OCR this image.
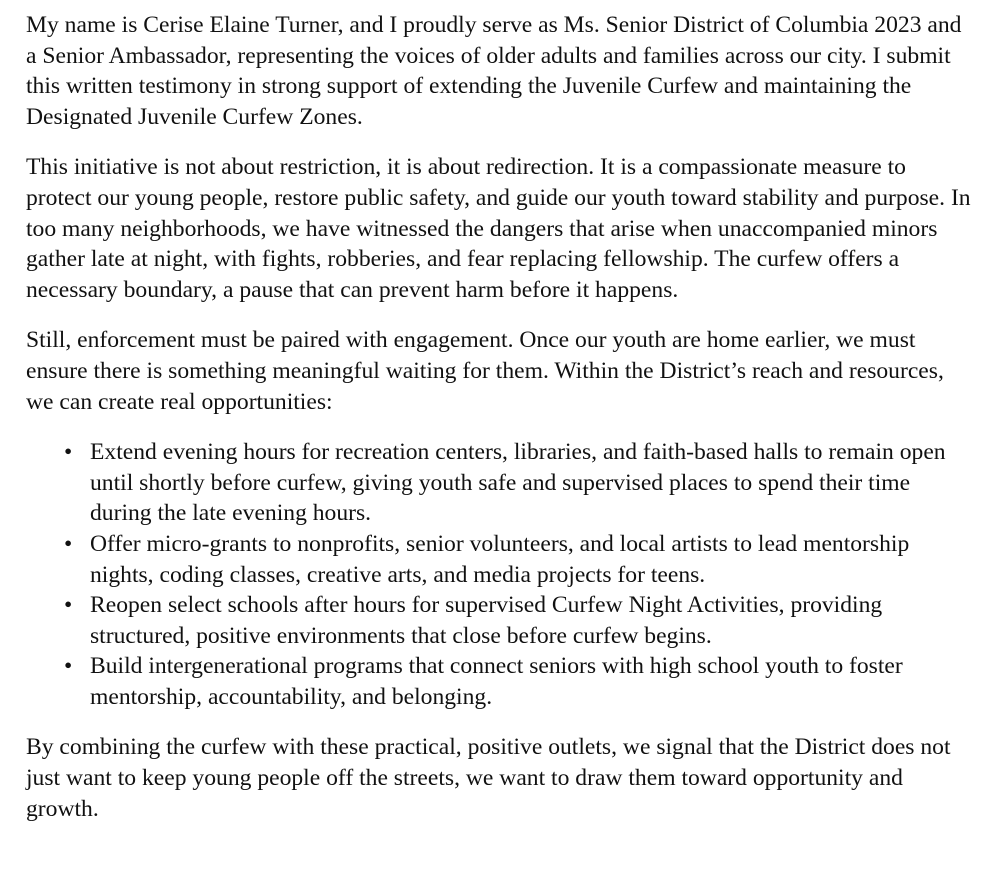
My name is Cerise Elaine Turner, and I proudly serve as Ms. Senior District of Columbia 2023 and a Senior Ambassador, representing the voices of older adults and families across our city. I submit this written testimony in strong support of extending the Juvenile Curfew and maintaining the Designated Juvenile Curfew Zones.

This initiative is not about restriction, it is about redirection. It is a compassionate measure to protect our young people, restore public safety, and guide our youth toward stability and purpose. In too many neighborhoods, we have witnessed the dangers that arise when unaccompanied minors gather late at night, with fights, robberies, and fear replacing fellowship. The curfew offers a necessary boundary, a pause that can prevent harm before it happens.

Still, enforcement must be paired with engagement. Once our youth are home earlier, we must ensure there is something meaningful waiting for them. Within the District’s reach and resources, we can create real opportunities:

• Extend evening hours for recreation centers, libraries, and faith-based halls to remain open until shortly before curfew, giving youth safe and supervised places to spend their time during the late evening hours.
• Offer micro-grants to nonprofits, senior volunteers, and local artists to lead mentorship nights, coding classes, creative arts, and media projects for teens.
• Reopen select schools after hours for supervised Curfew Night Activities, providing structured, positive environments that close before curfew begins.
• Build intergenerational programs that connect seniors with high school youth to foster mentorship, accountability, and belonging.

By combining the curfew with these practical, positive outlets, we signal that the District does not just want to keep young people off the streets, we want to draw them toward opportunity and growth.
